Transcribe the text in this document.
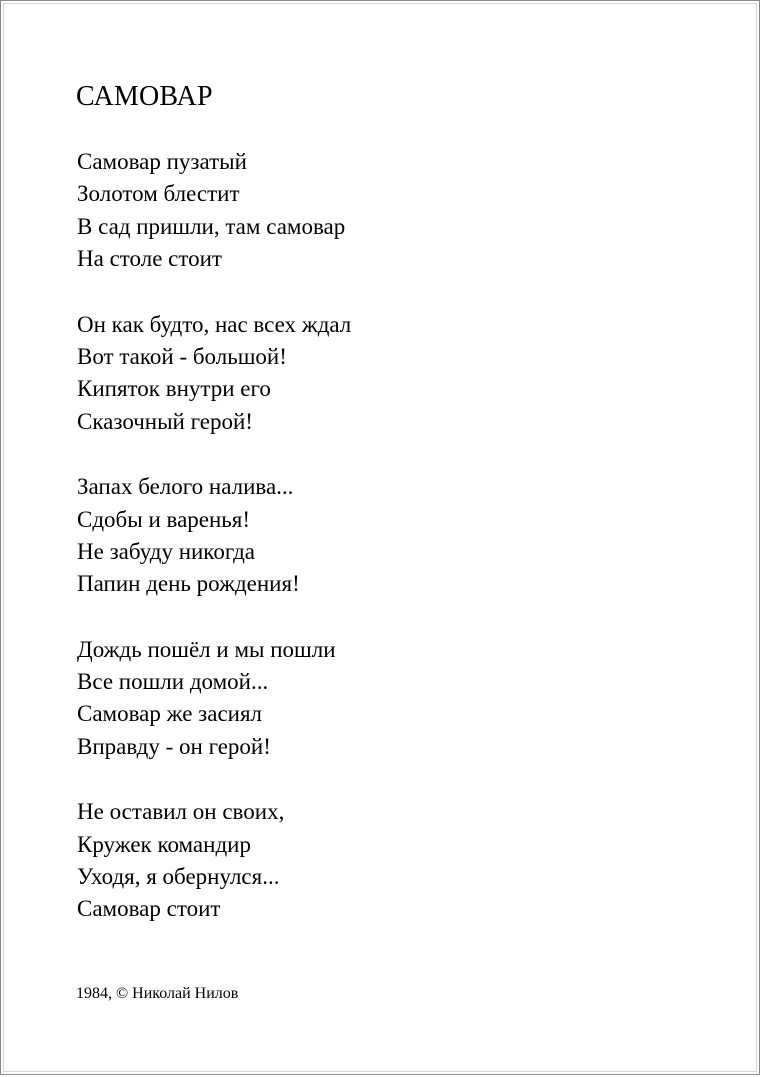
САМОВАР
Самовар пузатый
Золотом блестит
В сад пришли, там самовар
На столе стоит
Он как будто, нас всех ждал
Вот такой - большой!
Кипяток внутри его
Сказочный герой!
Запах белого налива...
Сдобы и варенья!
Не забуду никогда
Папин день рождения!
Дождь пошёл и мы пошли
Все пошли домой...
Самовар же засиял
Вправду - он герой!
Не оставил он своих,
Кружек командир
Уходя, я обернулся...
Самовар стоит
1984, © Николай Нилов
